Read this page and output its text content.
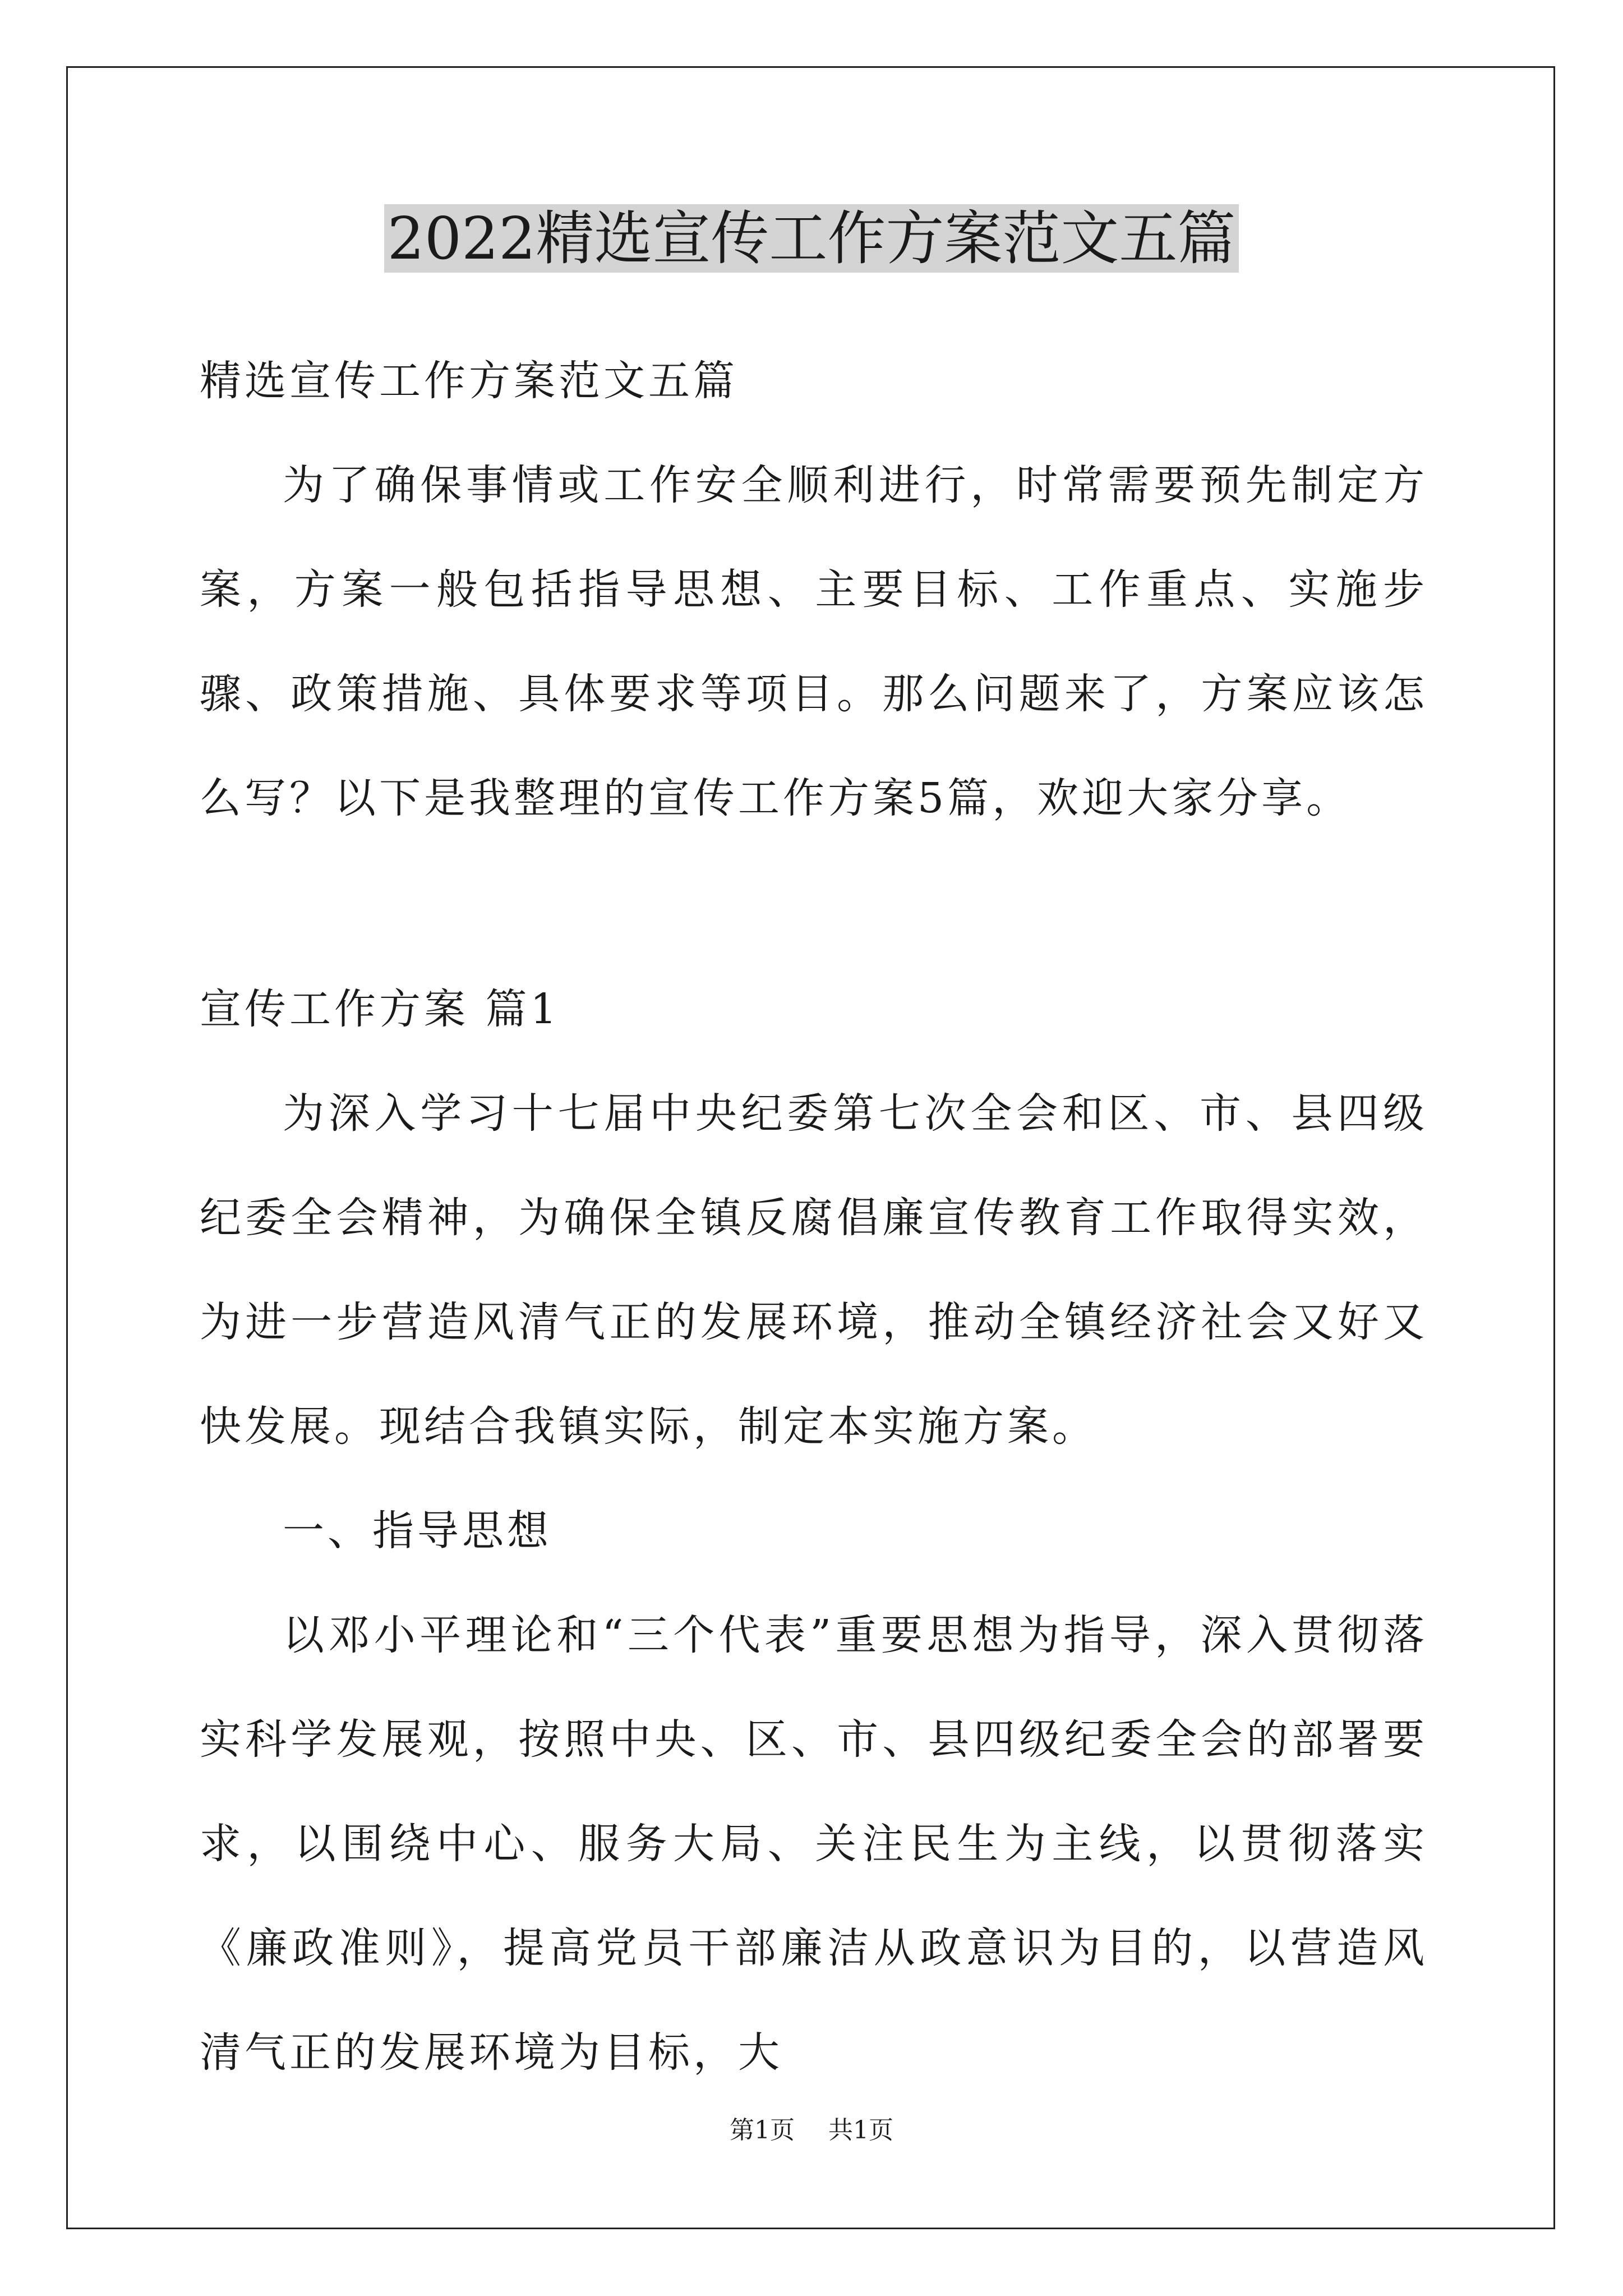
2022精选宣传工作方案范文五篇

精选宣传工作方案范文五篇

为了确保事情或工作安全顺利进行，时常需要预先制定方案，方案一般包括指导思想、主要目标、工作重点、实施步骤、政策措施、具体要求等项目。那么问题来了，方案应该怎么写？以下是我整理的宣传工作方案5篇，欢迎大家分享。

宣传工作方案 篇1

为深入学习十七届中央纪委第七次全会和区、市、县四级纪委全会精神，为确保全镇反腐倡廉宣传教育工作取得实效，为进一步营造风清气正的发展环境，推动全镇经济社会又好又快发展。现结合我镇实际，制定本实施方案。

一、指导思想

以邓小平理论和“三个代表”重要思想为指导，深入贯彻落实科学发展观，按照中央、区、市、县四级纪委全会的部署要求，以围绕中心、服务大局、关注民生为主线，以贯彻落实《廉政准则》，提高党员干部廉洁从政意识为目的，以营造风清气正的发展环境为目标，大

第1页 共1页
